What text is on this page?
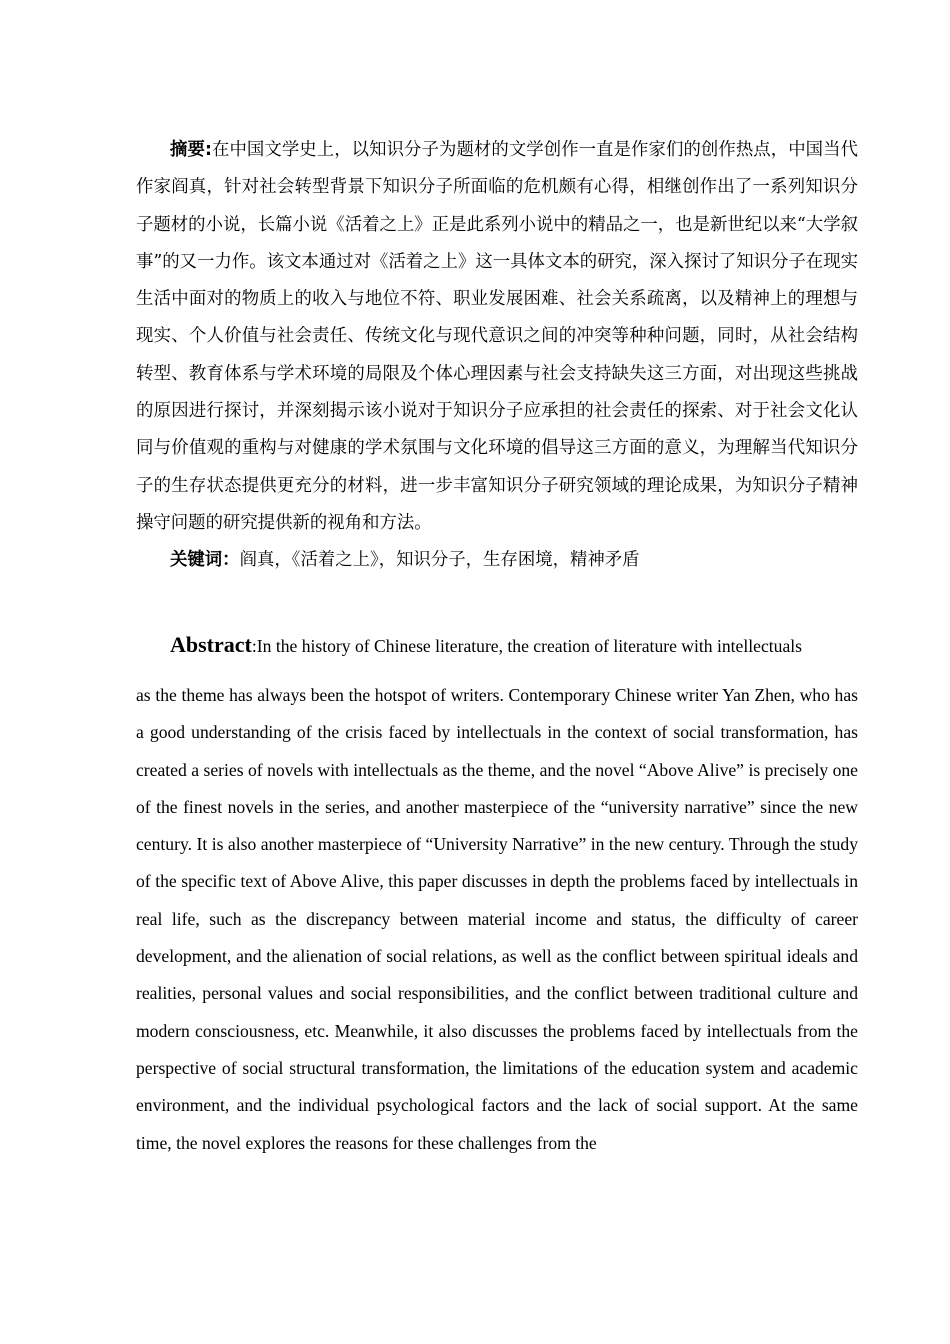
摘要:在中国文学史上，以知识分子为题材的文学创作一直是作家们的创作热点，中国当代作家阎真，针对社会转型背景下知识分子所面临的危机颇有心得，相继创作出了一系列知识分子题材的小说，长篇小说《活着之上》正是此系列小说中的精品之一，也是新世纪以来“大学叙事”的又一力作。该文本通过对《活着之上》这一具体文本的研究，深入探讨了知识分子在现实生活中面对的物质上的收入与地位不符、职业发展困难、社会关系疏离，以及精神上的理想与现实、个人价值与社会责任、传统文化与现代意识之间的冲突等种种问题，同时，从社会结构转型、教育体系与学术环境的局限及个体心理因素与社会支持缺失这三方面，对出现这些挑战的原因进行探讨，并深刻揭示该小说对于知识分子应承担的社会责任的探索、对于社会文化认同与价值观的重构与对健康的学术氛围与文化环境的倡导这三方面的意义，为理解当代知识分子的生存状态提供更充分的材料，进一步丰富知识分子研究领域的理论成果，为知识分子精神操守问题的研究提供新的视角和方法。

关键词：阎真，《活着之上》，知识分子，生存困境，精神矛盾

Abstract:In the history of Chinese literature, the creation of literature with intellectuals
as the theme has always been the hotspot of writers. Contemporary Chinese writer Yan Zhen, who has a good understanding of the crisis faced by intellectuals in the context of social transformation, has created a series of novels with intellectuals as the theme, and the novel “Above Alive” is precisely one of the finest novels in the series, and another masterpiece of the “university narrative” since the new century. It is also another masterpiece of “University Narrative” in the new century. Through the study of the specific text of Above Alive, this paper discusses in depth the problems faced by intellectuals in real life, such as the discrepancy between material income and status, the difficulty of career development, and the alienation of social relations, as well as the conflict between spiritual ideals and realities, personal values and social responsibilities, and the conflict between traditional culture and modern consciousness, etc. Meanwhile, it also discusses the problems faced by intellectuals from the perspective of social structural transformation, the limitations of the education system and academic environment, and the individual psychological factors and the lack of social support. At the same time, the novel explores the reasons for these challenges from the
